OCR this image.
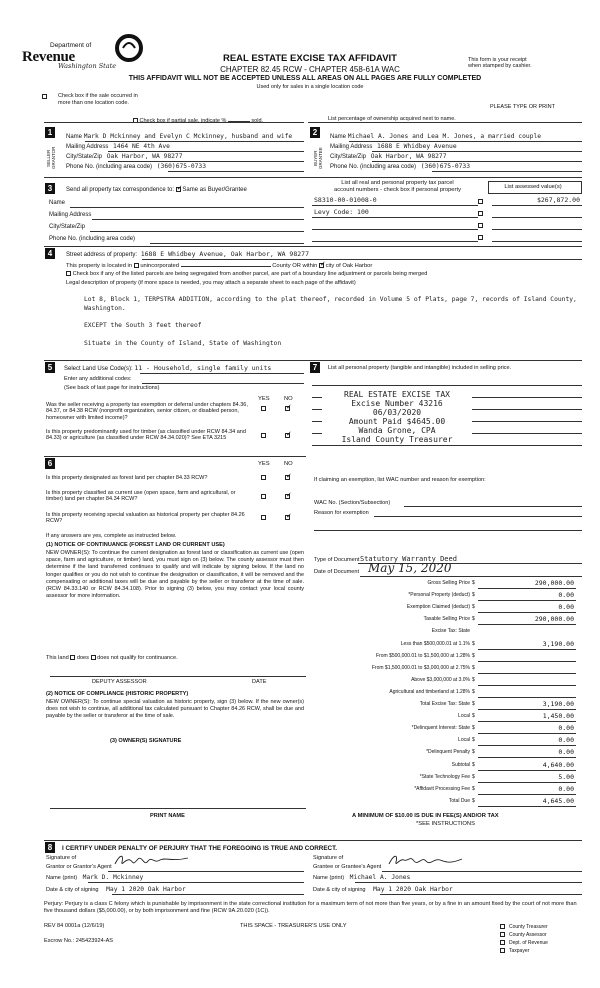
Department of
Revenue
Washington State
REAL ESTATE EXCISE TAX AFFIDAVIT
CHAPTER 82.45 RCW - CHAPTER 458-61A WAC
THIS AFFIDAVIT WILL NOT BE ACCEPTED UNLESS ALL AREAS ON ALL PAGES ARE FULLY COMPLETED
Used only for sales in a single location code
This form is your receipt
when stamped by cashier.
Check box if the sale occurred in
more than one location code.
PLEASE TYPE OR PRINT
Check box if partial sale, indicate %	sold.	List percentage of ownership acquired next to name.
1
SELLER GRANTOR
Name Mark D Mckinney and Evelyn C Mckinney, husband and wife
Mailing Address 1464 NE 4th Ave
City/State/Zip Oak Harbor, WA 98277
Phone No. (including area code) (360)675-0733
2
BUYER GRANTEE
Name Michael A. Jones and Lea M. Jones, a married couple
Mailing Address 1688 E Whidbey Avenue
City/State/Zip Oak Harbor, WA 98277
Phone No. (including area code) (360)675-0733
3	Send all property tax correspondence to: ✓ Same as Buyer/Grantee
Name
Mailing Address
City/State/Zip
Phone No. (including area code)
List all real and personal property tax parcel
account numbers - check box if personal property	List assessed value(s)
S8310-00-01008-0	$267,872.00
Levy Code: 100
4	Street address of property: 1688 E Whidbey Avenue, Oak Harbor, WA 98277
This property is located in unincorporated	County OR within ✓ city of Oak Harbor
Check box if any of the listed parcels are being segregated from another parcel, are part of a boundary line adjustment or parcels being merged
Legal description of property (if more space is needed, you may attach a separate sheet to each page of the affidavit)
Lot 8, Block 1, TERPSTRA ADDITION, according to the plat thereof, recorded in Volume 5 of Plats, page 7, records of Island County,
Washington.
EXCEPT the South 3 feet thereof
Situate in the County of Island, State of Washington
5	Select Land Use Code(s): 11 - Household, single family units
Enter any additional codes:
(See back of last page for instructions)
YES NO
Was the seller receiving a property tax exemption or deferral under chapters 84.36, 84.37, or 84.38 RCW (nonprofit organization, senior citizen, or disabled person, homeowner with limited income)?
✓
Is this property predominantly used for timber (as classified under RCW 84.34 and 84.33) or agriculture (as classified under RCW 84.34.020)? See ETA 3215
✓
6	YES NO
Is this property designated as forest land per chapter 84.33 RCW?	✓
Is this property classified as current use (open space, farm and agricultural, or timber) land per chapter 84.34 RCW?
✓
Is this property receiving special valuation as historical property per chapter 84.26 RCW?
✓
If any answers are yes, complete as instructed below.
(1) NOTICE OF CONTINUANCE (FOREST LAND OR CURRENT USE)
NEW OWNER(S): To continue the current designation as forest land or classification as current use (open space, farm and agriculture, or timber) land, you must sign on (3) below. The county assessor must then determine if the land transferred continues to qualify and will indicate by signing below. If the land no longer qualifies or you do not wish to continue the designation or classification, it will be removed and the compensating or additional taxes will be due and payable by the seller or transferor at the time of sale. (RCW 84.33.140 or RCW 84.34.108). Prior to signing (3) below, you may contact your local county assessor for more information.
This land does does not qualify for continuance.
DEPUTY ASSESSOR	DATE
(2) NOTICE OF COMPLIANCE (HISTORIC PROPERTY)
NEW OWNER(S): To continue special valuation as historic property, sign (3) below. If the new owner(s) does not wish to continue, all additional tax calculated pursuant to Chapter 84.26 RCW, shall be due and payable by the seller or transferor at the time of sale.
(3) OWNER(S) SIGNATURE
PRINT NAME
7	List all personal property (tangible and intangible) included in selling price.
REAL ESTATE EXCISE TAX
Excise Number 43216
06/03/2020
Amount Paid $4645.00
Wanda Grone, CPA
Island County Treasurer
If claiming an exemption, list WAC number and reason for exemption:
WAC No. (Section/Subsection)
Reason for exemption
Type of Document Statutory Warranty Deed
Date of Document May 15, 2020
Gross Selling Price $	290,000.00
*Personal Property (deduct) $	0.00
Exemption Claimed (deduct) $	0.00
Taxable Selling Price $	290,000.00
Excise Tax: State
Less than $500,000.01 at 1.1% $	3,190.00
From $500,000.01 to $1,500,000 at 1.28% $
From $1,500,000.01 to $3,000,000 at 2.75% $
Above $3,000,000 at 3.0% $
Agricultural and timberland at 1.28% $
Total Excise Tax: State $	3,190.00
Local $	1,450.00
*Delinquent Interest: State $	0.00
Local $	0.00
*Delinquent Penalty $	0.00
Subtotal $	4,640.00
*State Technology Fee $	5.00
*Affidavit Processing Fee $	0.00
Total Due $	4,645.00
A MINIMUM OF $10.00 IS DUE IN FEE(S) AND/OR TAX
*SEE INSTRUCTIONS
8	I CERTIFY UNDER PENALTY OF PERJURY THAT THE FOREGOING IS TRUE AND CORRECT.
Signature of
Grantor or Grantor's Agent
Name (print) Mark D. Mckinney
Date & city of signing May 1 2020 Oak Harbor
Signature of
Grantee or Grantee's Agent
Name (print) Michael A. Jones
Date & city of signing May 1 2020 Oak Harbor
Perjury: Perjury is a class C felony which is punishable by imprisonment in the state correctional institution for a maximum term of not more than five years, or by a fine in an amount fixed by the court of not more than five thousand dollars ($5,000.00), or by both imprisonment and fine (RCW 9A.20.020 (1C)).
REV 84 0001a (12/6/19)	THIS SPACE - TREASURER'S USE ONLY
Escrow No.: 245423924-AS
County Treasurer
County Assessor
Dept. of Revenue
Taxpayer
